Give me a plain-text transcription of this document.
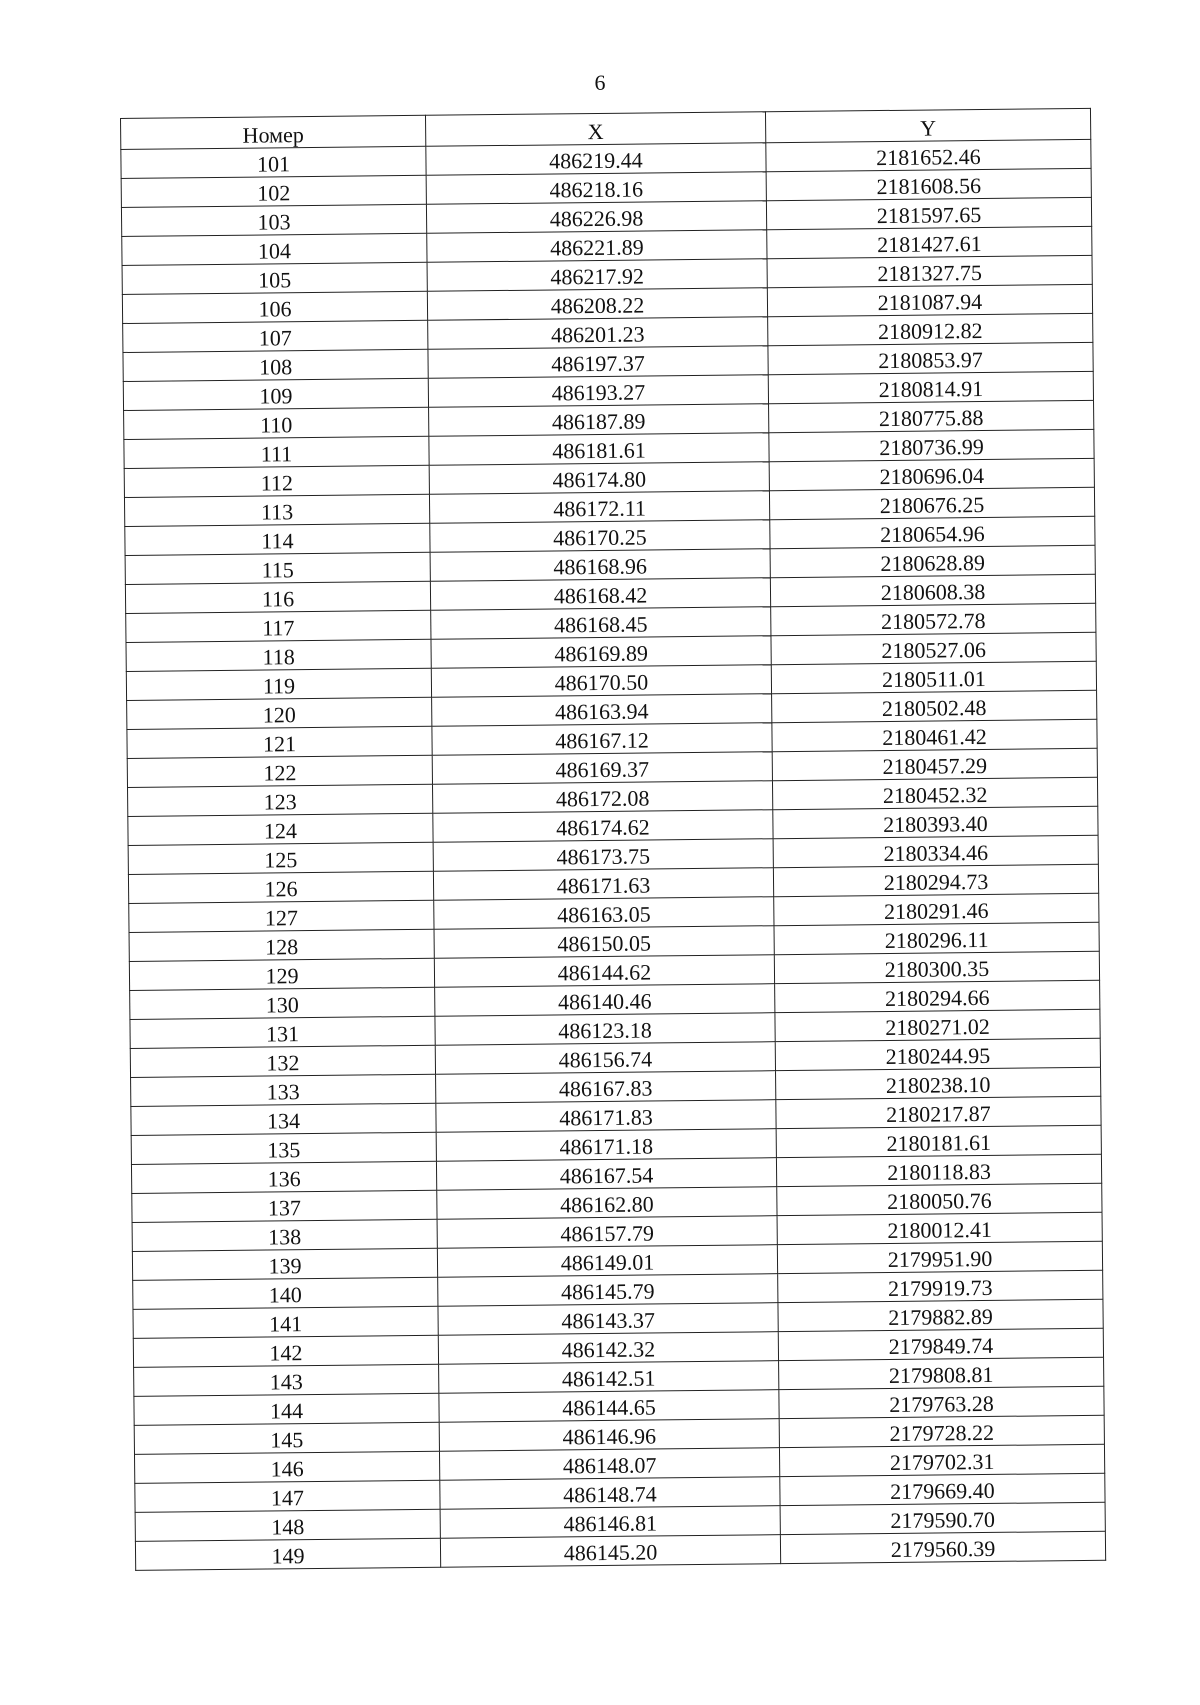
6
Номер	X	Y
101	486219.44	2181652.46
102	486218.16	2181608.56
103	486226.98	2181597.65
104	486221.89	2181427.61
105	486217.92	2181327.75
106	486208.22	2181087.94
107	486201.23	2180912.82
108	486197.37	2180853.97
109	486193.27	2180814.91
110	486187.89	2180775.88
111	486181.61	2180736.99
112	486174.80	2180696.04
113	486172.11	2180676.25
114	486170.25	2180654.96
115	486168.96	2180628.89
116	486168.42	2180608.38
117	486168.45	2180572.78
118	486169.89	2180527.06
119	486170.50	2180511.01
120	486163.94	2180502.48
121	486167.12	2180461.42
122	486169.37	2180457.29
123	486172.08	2180452.32
124	486174.62	2180393.40
125	486173.75	2180334.46
126	486171.63	2180294.73
127	486163.05	2180291.46
128	486150.05	2180296.11
129	486144.62	2180300.35
130	486140.46	2180294.66
131	486123.18	2180271.02
132	486156.74	2180244.95
133	486167.83	2180238.10
134	486171.83	2180217.87
135	486171.18	2180181.61
136	486167.54	2180118.83
137	486162.80	2180050.76
138	486157.79	2180012.41
139	486149.01	2179951.90
140	486145.79	2179919.73
141	486143.37	2179882.89
142	486142.32	2179849.74
143	486142.51	2179808.81
144	486144.65	2179763.28
145	486146.96	2179728.22
146	486148.07	2179702.31
147	486148.74	2179669.40
148	486146.81	2179590.70
149	486145.20	2179560.39
